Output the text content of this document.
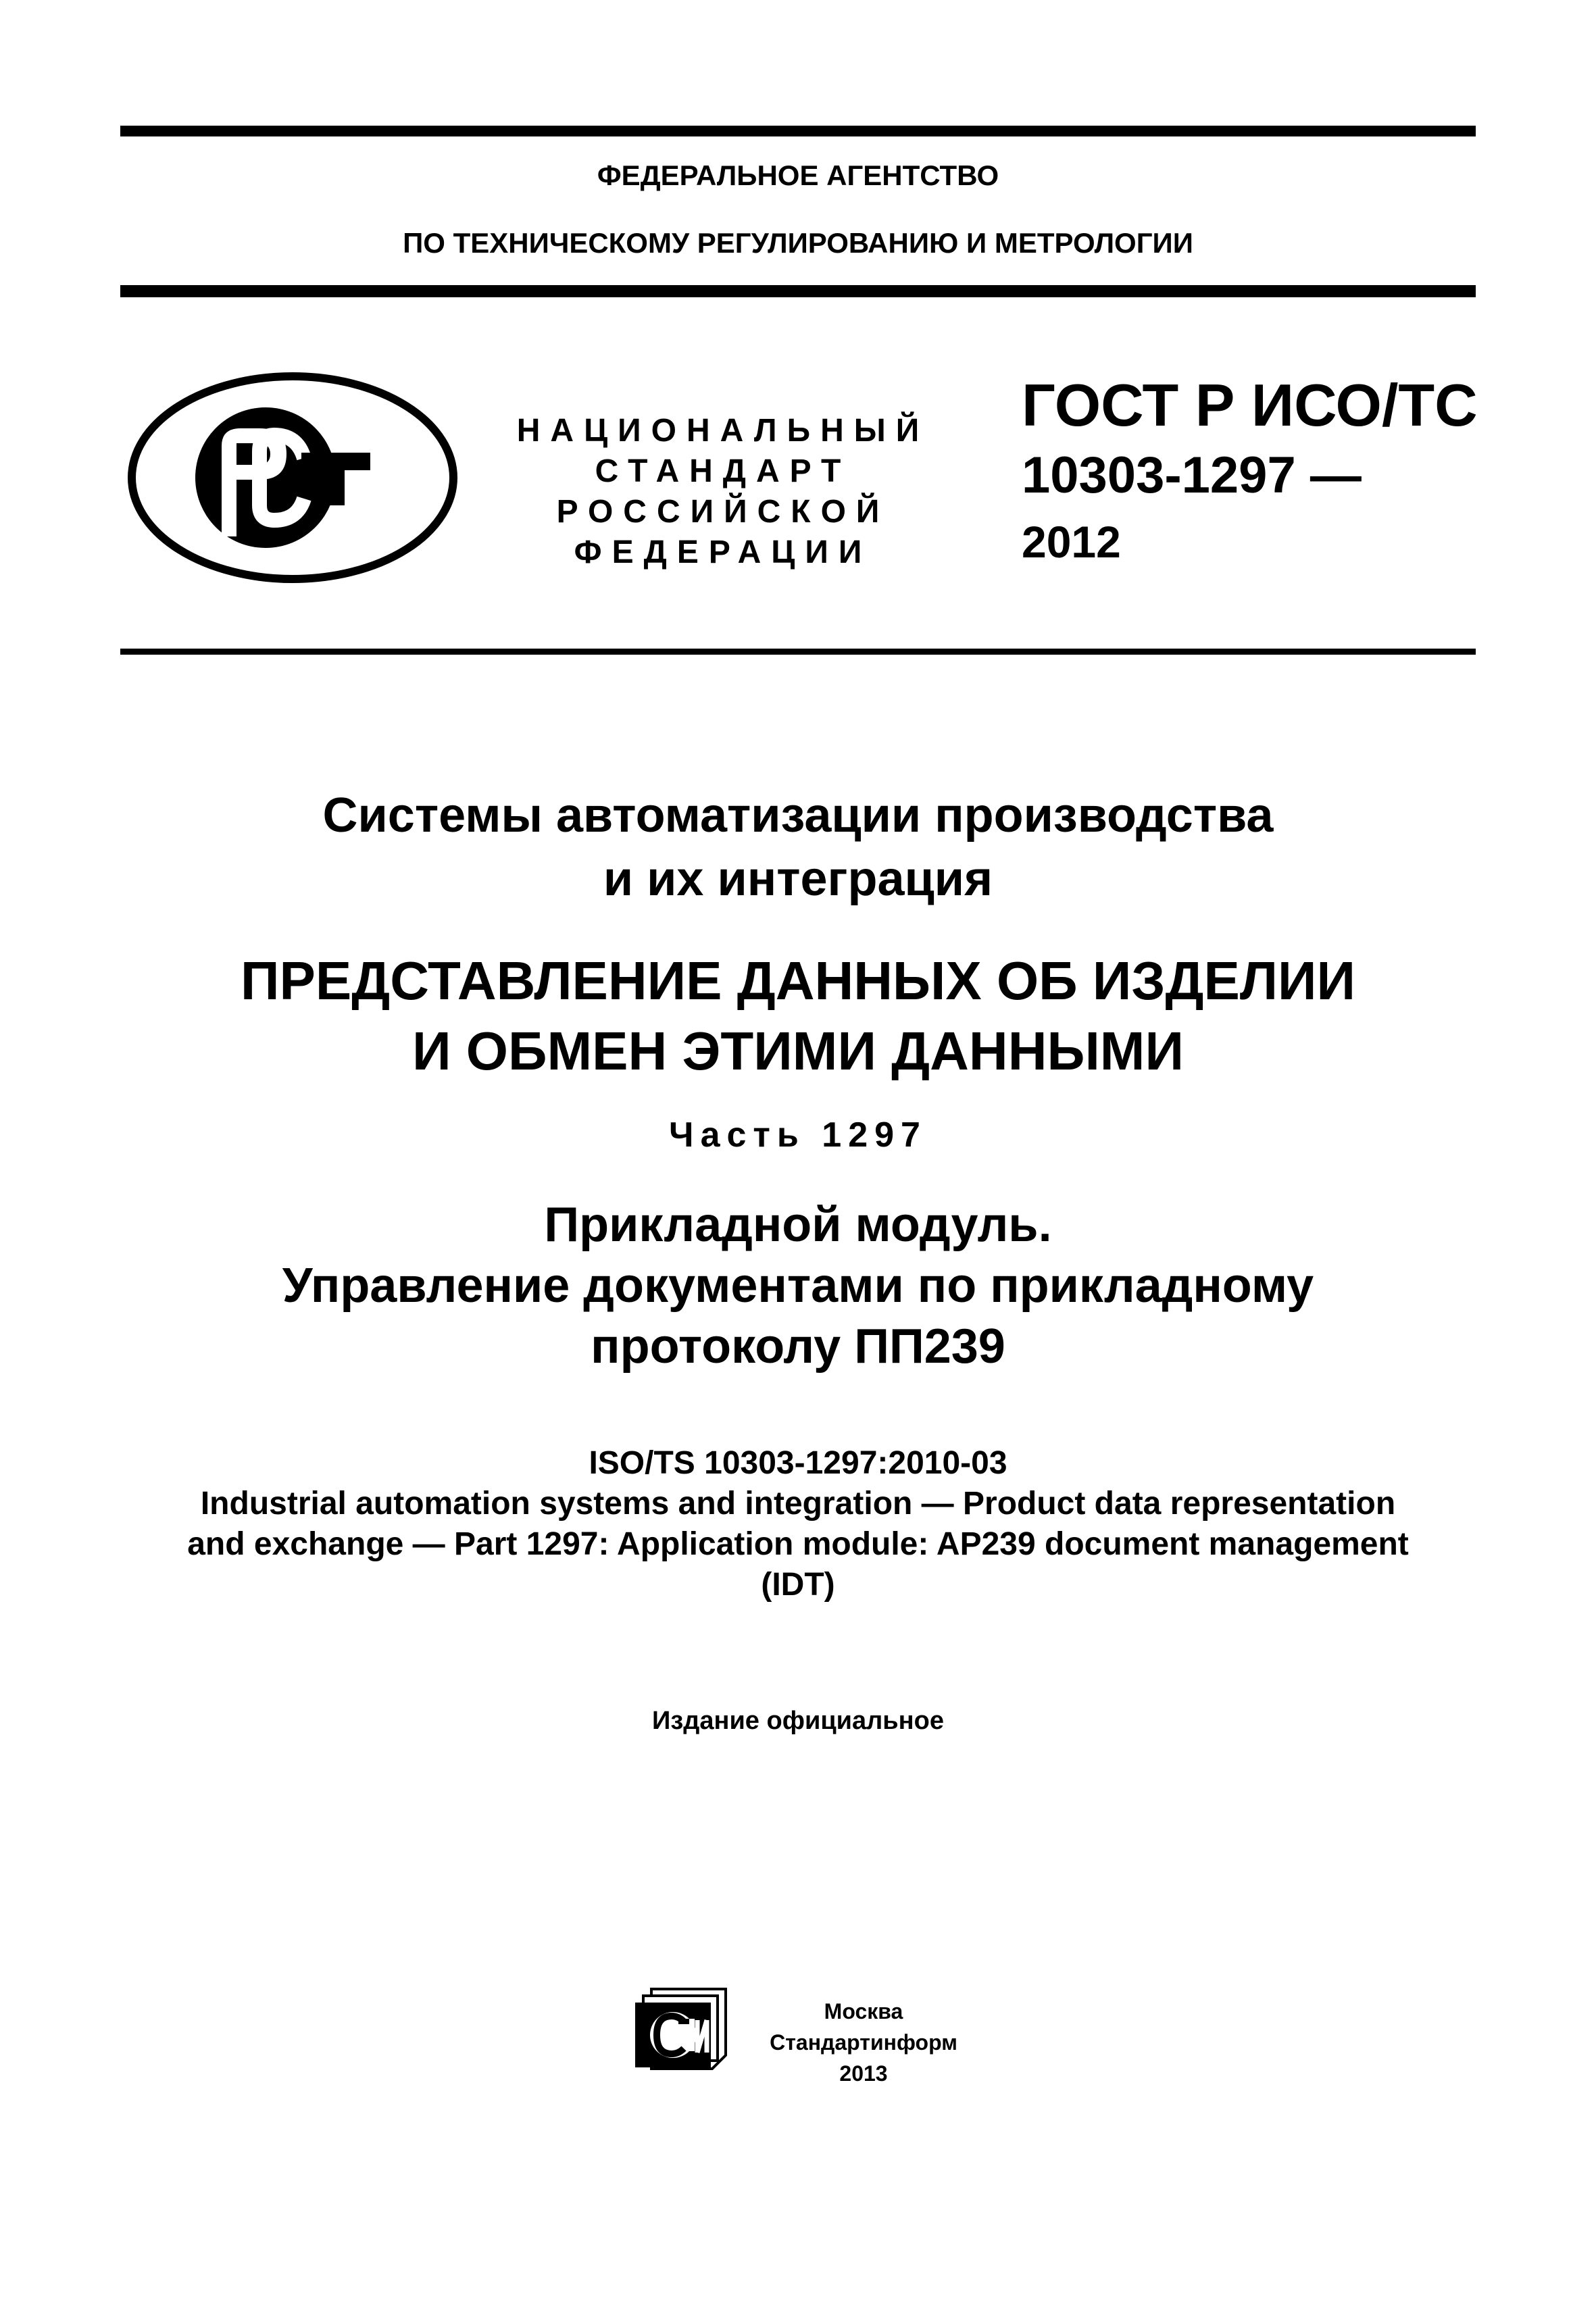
ФЕДЕРАЛЬНОЕ АГЕНТСТВО
ПО ТЕХНИЧЕСКОМУ РЕГУЛИРОВАНИЮ И МЕТРОЛОГИИ
НАЦИОНАЛЬНЫЙ
СТАНДАРТ
РОССИЙСКОЙ
ФЕДЕРАЦИИ
ГОСТ Р ИСО/ТС
10303-1297 —
2012
Системы автоматизации производства
и их интеграция
ПРЕДСТАВЛЕНИЕ ДАННЫХ ОБ ИЗДЕЛИИ
И ОБМЕН ЭТИМИ ДАННЫМИ
Часть 1297
Прикладной модуль.
Управление документами по прикладному
протоколу ПП239
ISO/TS 10303-1297:2010-03
Industrial automation systems and integration — Product data representation
and exchange — Part 1297: Application module: AP239 document management
(IDT)
Издание официальное
Москва
Стандартинформ
2013
